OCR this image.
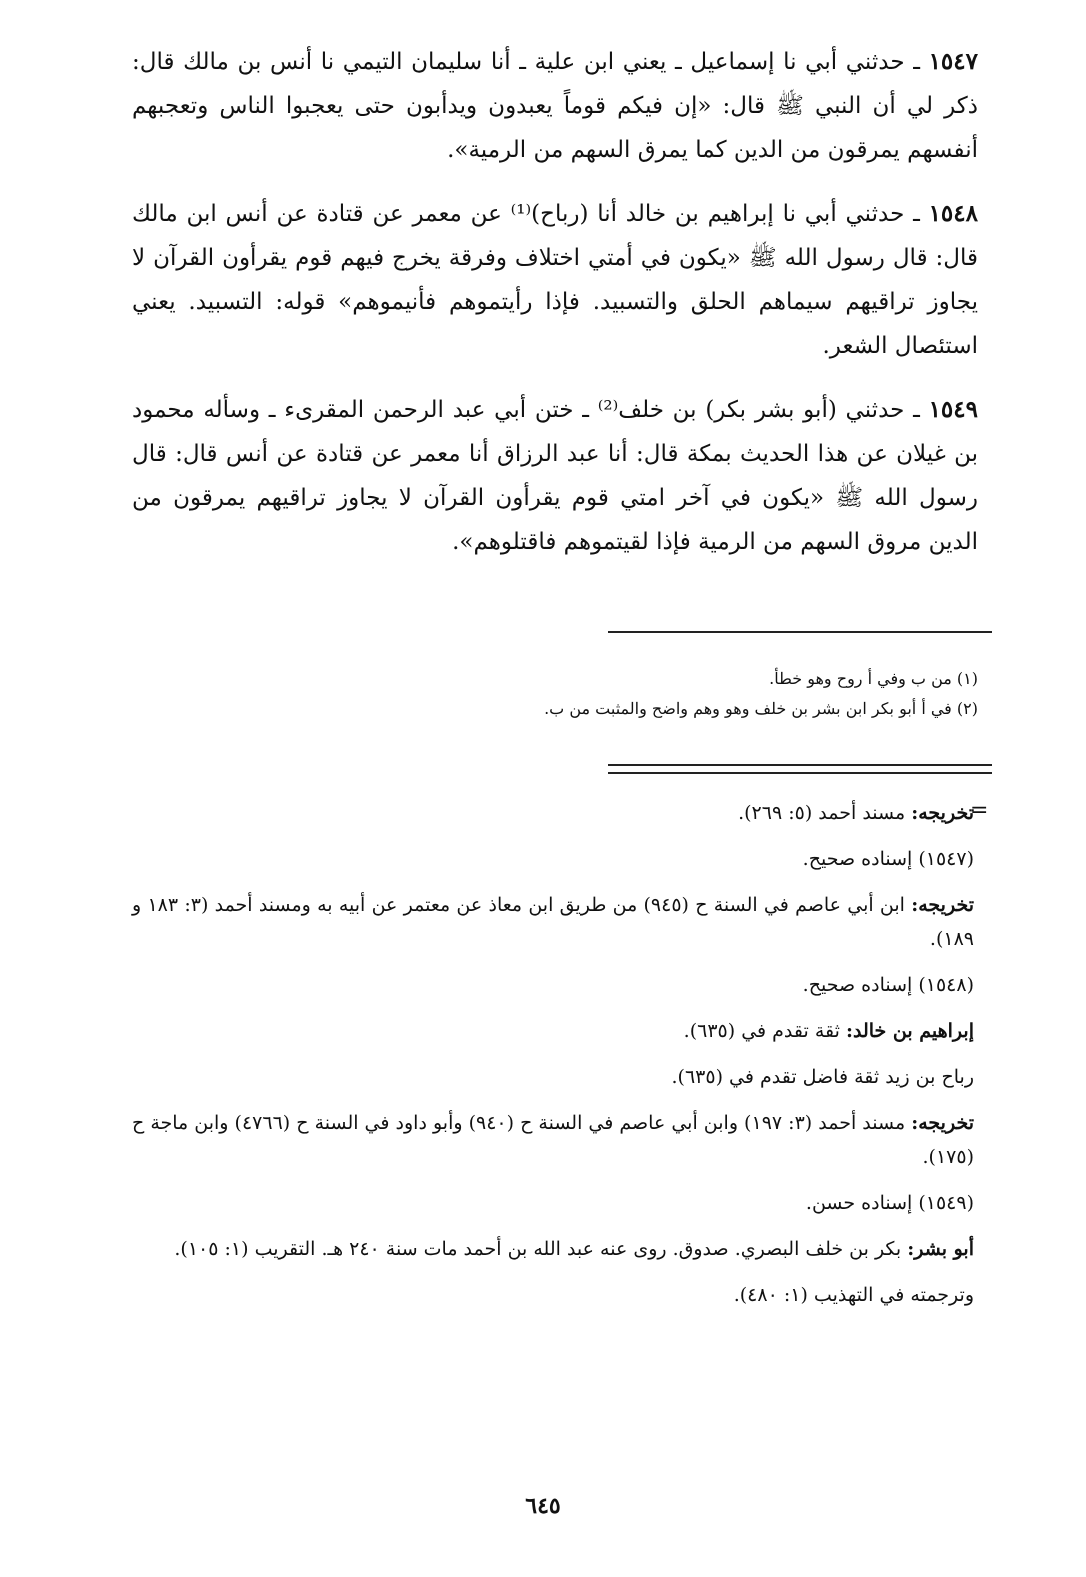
١٥٤٧ ـ حدثني أبي نا إسماعيل ـ يعني ابن علية ـ أنا سليمان التيمي نا أنس بن مالك قال: ذكر لي أن النبي ﷺ قال: «إن فيكم قوماً يعبدون ويدأبون حتى يعجبوا الناس وتعجبهم أنفسهم يمرقون من الدين كما يمرق السهم من الرمية».

١٥٤٨ ـ حدثني أبي نا إبراهيم بن خالد أنا (رباح)⁽¹⁾ عن معمر عن قتادة عن أنس ابن مالك قال: قال رسول الله ﷺ «يكون في أمتي اختلاف وفرقة يخرج فيهم قوم يقرأون القرآن لا يجاوز تراقيهم سيماهم الحلق والتسبيد. فإذا رأيتموهم فأنيموهم» قوله: التسبيد. يعني استئصال الشعر.

١٥٤٩ ـ حدثني (أبو بشر بكر) بن خلف⁽²⁾ ـ ختن أبي عبد الرحمن المقرىء ـ وسأله محمود بن غيلان عن هذا الحديث بمكة قال: أنا عبد الرزاق أنا معمر عن قتادة عن أنس قال: قال رسول الله ﷺ «يكون في آخر امتي قوم يقرأون القرآن لا يجاوز تراقيهم يمرقون من الدين مروق السهم من الرمية فإذا لقيتموهم فاقتلوهم».

(١) من ب وفي أ روح وهو خطأ.
(٢) في أ أبو بكر ابن بشر بن خلف وهو وهم واضح والمثبت من ب.
=

تخريجه: مسند أحمد (٥: ٢٦٩).

(١٥٤٧) إسناده صحيح.

تخريجه: ابن أبي عاصم في السنة ح (٩٤٥) من طريق ابن معاذ عن معتمر عن أبيه به ومسند أحمد (٣: ١٨٣ و ١٨٩).

(١٥٤٨) إسناده صحيح.

إبراهيم بن خالد: ثقة تقدم في (٦٣٥).

رباح بن زيد ثقة فاضل تقدم في (٦٣٥).

تخريجه: مسند أحمد (٣: ١٩٧) وابن أبي عاصم في السنة ح (٩٤٠) وأبو داود في السنة ح (٤٧٦٦) وابن ماجة ح (١٧٥).

(١٥٤٩) إسناده حسن.

أبو بشر: بكر بن خلف البصري. صدوق. روى عنه عبد الله بن أحمد مات سنة ٢٤٠ هـ. التقريب (١: ١٠٥).

وترجمته في التهذيب (١: ٤٨٠).

٦٤٥
